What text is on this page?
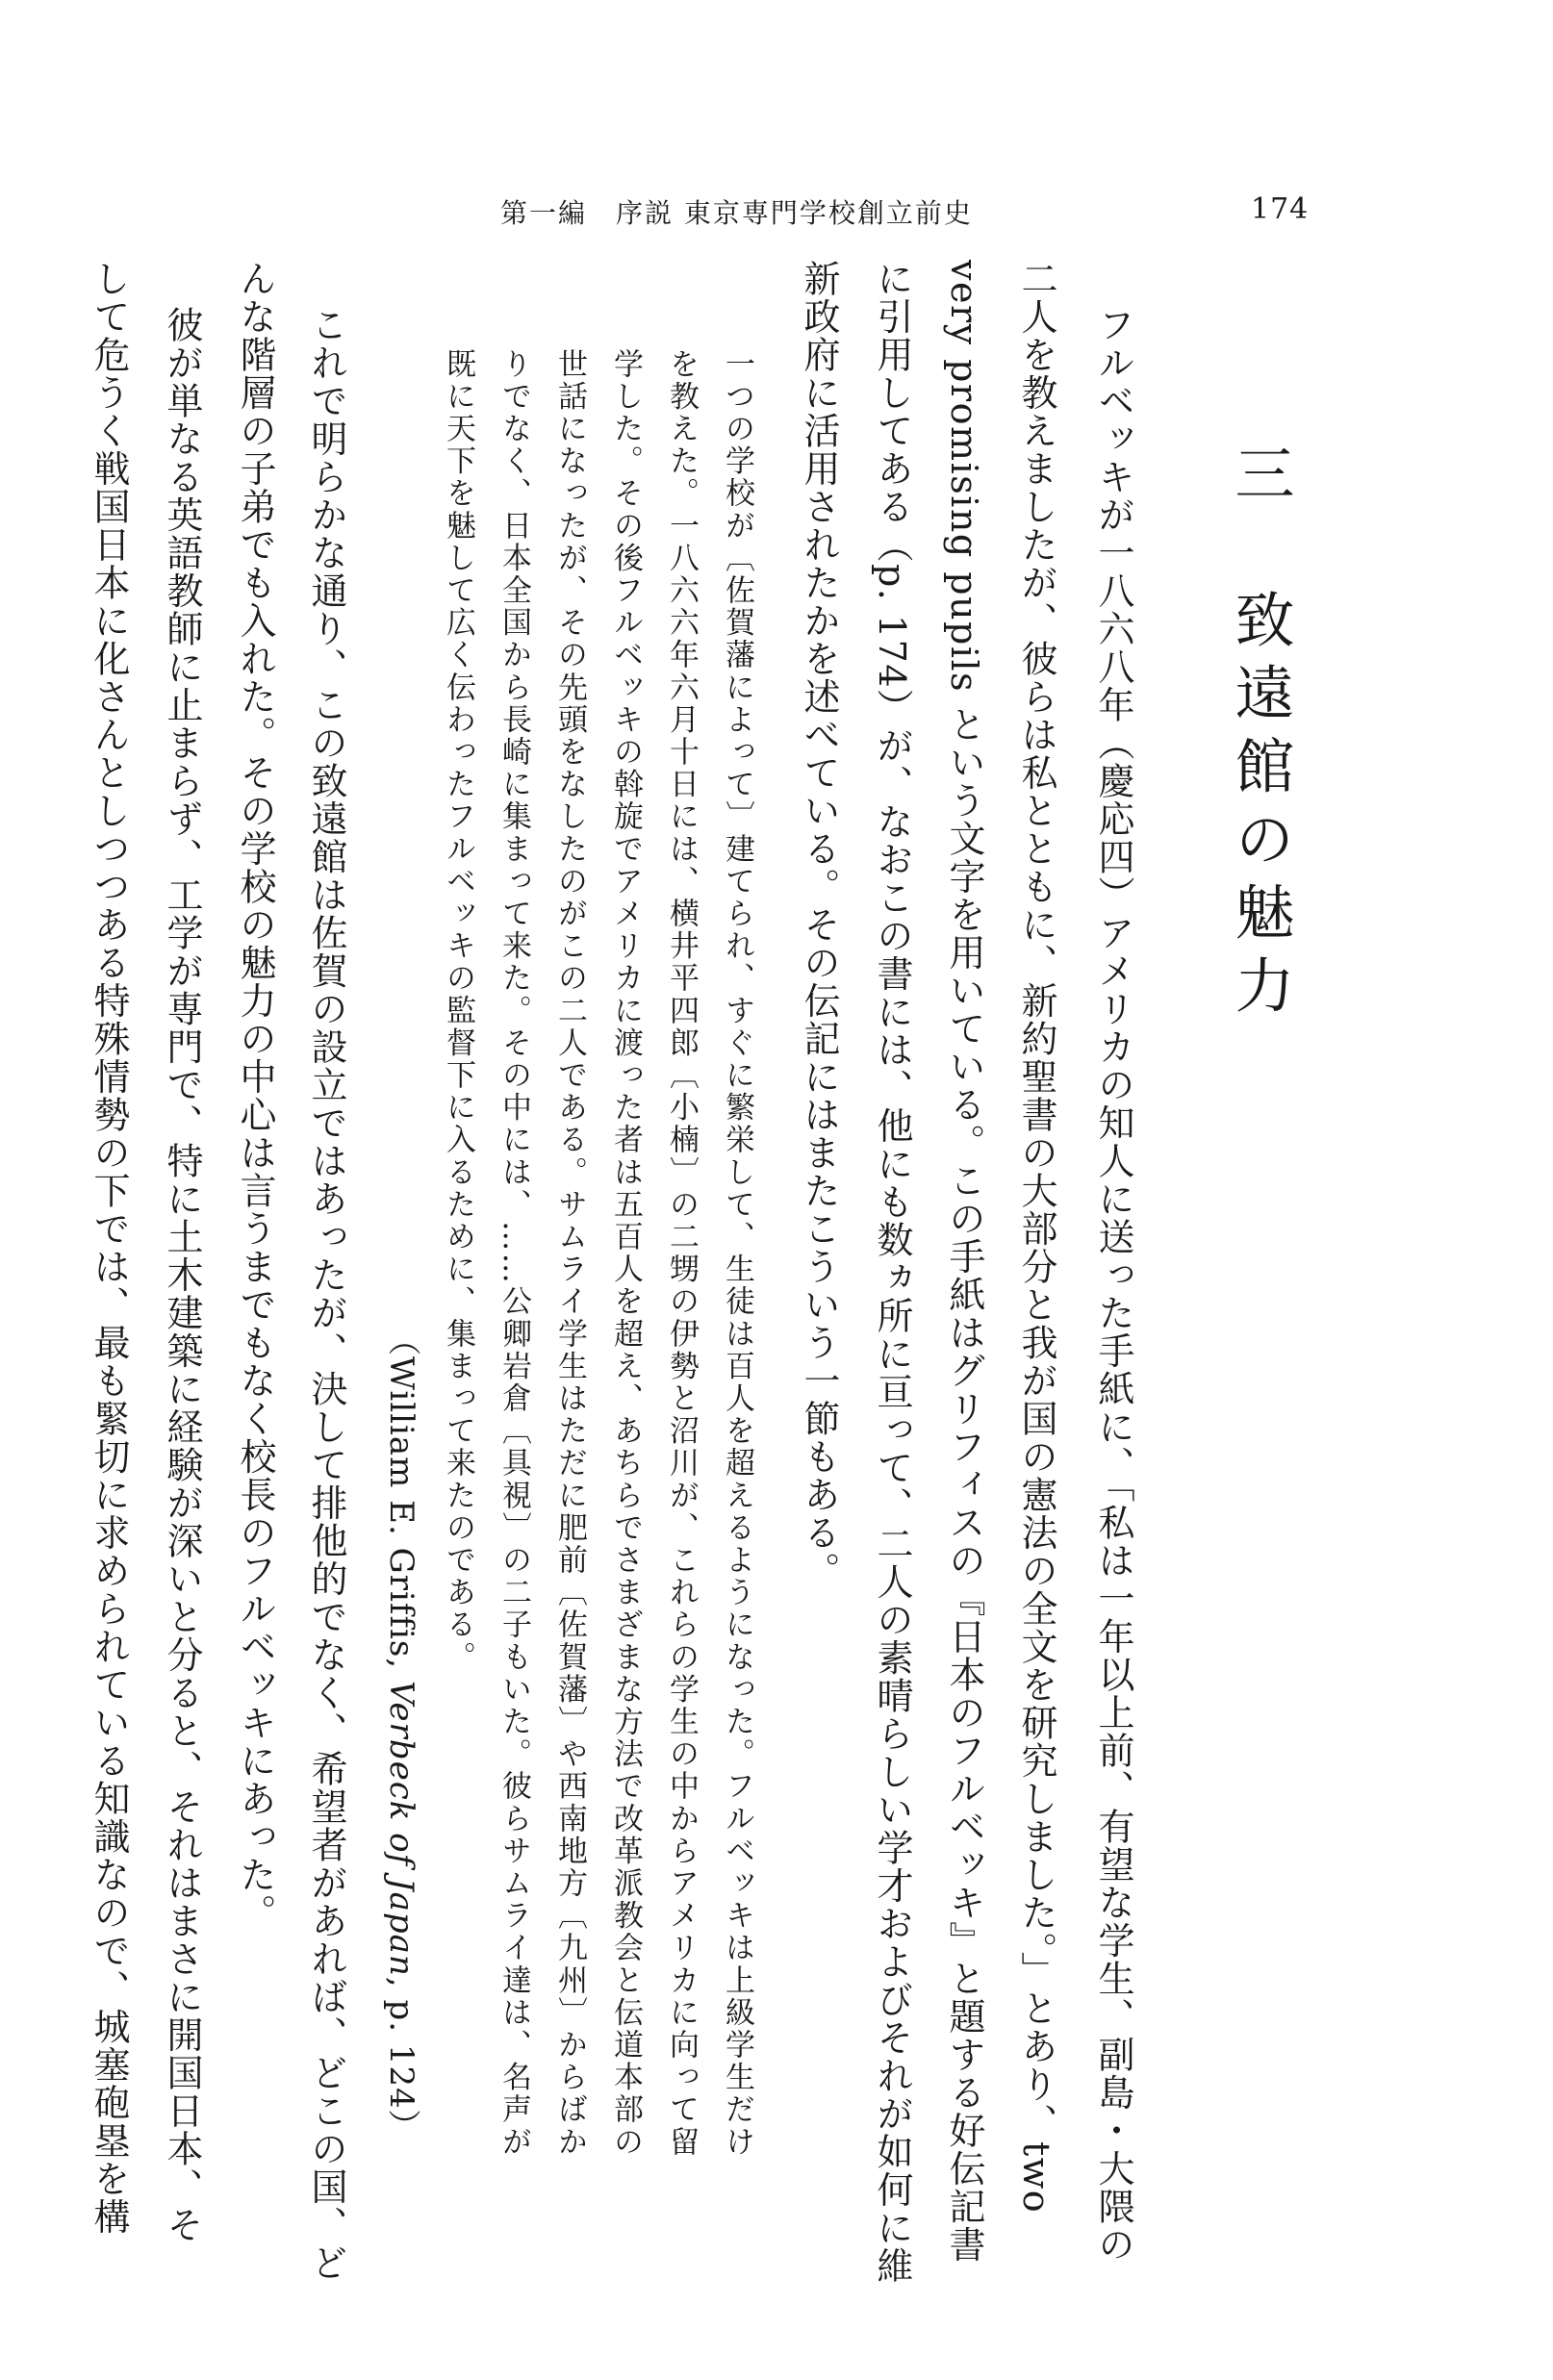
第一編　序説 東京専門学校創立前史	174
三　致遠館の魅力
フルベッキが一八六八年（慶応四）アメリカの知人に送った手紙に、「私は一年以上前、有望な学生、副島・大隈の
二人を教えましたが、彼らは私とともに、新約聖書の大部分と我が国の憲法の全文を研究しました。」とあり、two
very promising pupils という文字を用いている。この手紙はグリフィスの『日本のフルベッキ』と題する好伝記書
に引用してある（p. 174）が、なおこの書には、他にも数ヵ所に亘って、二人の素晴らしい学才およびそれが如何に維
新政府に活用されたかを述べている。その伝記にはまたこういう一節もある。
一つの学校が〔佐賀藩によって〕建てられ、すぐに繁栄して、生徒は百人を超えるようになった。フルベッキは上級学生だけ
を教えた。一八六六年六月十日には、横井平四郎〔小楠〕の二甥の伊勢と沼川が、これらの学生の中からアメリカに向って留
学した。その後フルベッキの斡旋でアメリカに渡った者は五百人を超え、あちらでさまざまな方法で改革派教会と伝道本部の
世話になったが、その先頭をなしたのがこの二人である。サムライ学生はただに肥前〔佐賀藩〕や西南地方〔九州〕からばか
りでなく、日本全国から長崎に集まって来た。その中には、……公卿岩倉〔具視〕の二子もいた。彼らサムライ達は、名声が
既に天下を魅して広く伝わったフルベッキの監督下に入るために、集まって来たのである。
（William E. Griffis, Verbeck of Japan, p. 124）
これで明らかな通り、この致遠館は佐賀の設立ではあったが、決して排他的でなく、希望者があれば、どこの国、ど
んな階層の子弟でも入れた。その学校の魅力の中心は言うまでもなく校長のフルベッキにあった。
彼が単なる英語教師に止まらず、工学が専門で、特に土木建築に経験が深いと分ると、それはまさに開国日本、そ
して危うく戦国日本に化さんとしつつある特殊情勢の下では、最も緊切に求められている知識なので、城塞砲塁を構
